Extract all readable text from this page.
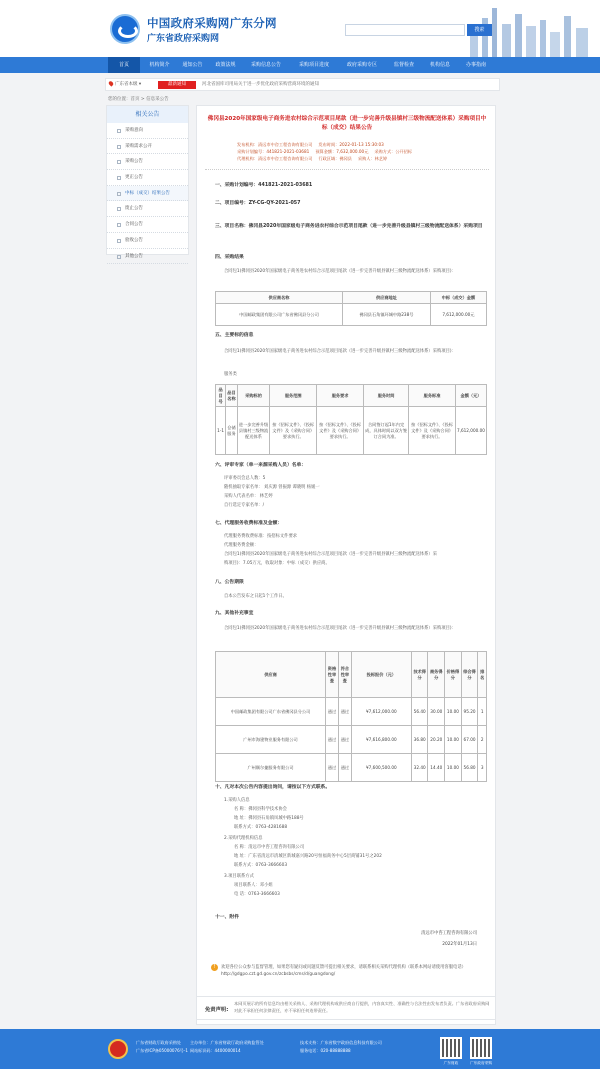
中国政府采购网广东分网
广东省政府采购网
搜索
首页	机构简介	通知公告	政策法规	采购信息公告	采购项目进度	政府采购专区	监督检查	机构信息	办事指南
广东省本级 ▾	最新通知	河北省国库司用局关于进一步优化政府采购营商环境的通知
您的位置：首页 > 信息采公告
相关公告
采购意向
采购需求公开
采购公告
更正公告
中标（成交）结果公告
废止公告
合同公告
验收公告
其他公告
佛冈县2020年国家级电子商务进农村综合示范项目尾款（进一步完善升级县镇村三级物流配送体系）采购项目中标（成交）结果公告
发布机构：清远市中咨工程咨询有限公司 发布时间：2022-01-13 15:30:03
采购计划编号：441821-2021-03681 预算金额：7,632,000.00元 采购方式：公开招标
代理机构：清远市中咨工程咨询有限公司 行政区域：佛冈县 采购人：林艺婷
一、采购计划编号：441821-2021-03681
二、项目编号：ZY-CG-QY-2021-057
三、项目名称：佛冈县2020年国家级电子商务进农村综合示范项目尾款（进一步完善升级县镇村三级物流配送体系）采购项目
四、采购结果
合同包1(佛冈县2020年国家级电子商务进农村综合示范项目尾款（进一步完善升级县镇村三级物流配送体系）采购项目)：
供应商名称	供应商地址	中标（成交）金额
中国邮政集团有限公司广东省佛冈县分公司	佛冈县石角镇环城中路238号	7,612,000.00元
五、主要标的信息
合同包1(佛冈县2020年国家级电子商务进农村综合示范项目尾款（进一步完善升级县镇村三级物流配送体系）采购项目)：
服务类
品目号	品目名称	采购标的	服务范围	服务要求	服务时间	服务标准	金额（元）
1-1	仓储服务	进一步完善升级县镇村三级物流配送体系	按《招标文件》、《投标文件》及《采购合同》要求执行。	按《招标文件》、《投标文件》及《采购合同》要求执行。	合同签订起1年内完成，具体时间以双方签订合同为准。	按《招标文件》、《投标文件》及《采购合同》要求执行。	7,612,000.00
六、评审专家（单一来源采购人员）名单：
评审委员会总人数：5
随机抽取专家名单： 刘庆源 曾振源 谭晓明 杨媛一
采购人代表名单： 林艺婷
自行选定专家名单：/
七、代理服务收费标准及金额：
代理服务费收费标准：按招标文件要求
代理服务费金额：
合同包1(佛冈县2020年国家级电子商务进农村综合示范项目尾款（进一步完善升级县镇村三级物流配送体系）采
购项目)：7.05万元，收取对象：中标（成交）供应商。
八、公告期限
自本公告发布之日起1个工作日。
九、其他补充事宜
合同包1(佛冈县2020年国家级电子商务进农村综合示范项目尾款（进一步完善升级县镇村三级物流配送体系）采购项目)：
供应商	资格性审查	符合性审查	投标报价（元）	技术得分	商务得分	价格得分	综合得分	排名
中国邮政集团有限公司广东省佛冈县分公司	通过	通过	¥7,612,000.00	56.40	30.00	10.00	95.20	1
广州市海建物业服务有限公司	通过	通过	¥7,616,800.00	36.80	20.20	10.00	67.00	2
广州顺尔捷服务有限公司	通过	通过	¥7,600,500.00	32.40	14.40	10.00	56.80	3
十、凡对本次公告内容提出询问，请按以下方式联系。
1.采购人信息
名 称：佛冈县科学技术协会
地 址：佛冈县石角镇凤城中路188号
联系方式：0763-4281688
2.采购代理机构信息
名 称：清远市中咨工程咨询有限公司
地 址：广东省清远市清城区新城嘉兴路20号恒福商务中心5层商铺31号之202
联系方式：0763-3666603
3.项目联系方式
项目联系人：邓小姐
电 话：0763-3666603
十一、附件
清远市中咨工程咨询有限公司
2022年01月13日
!	欢迎各位公众参与监督管理，如果您有疑问或问题反馈可提出相关要求，请联系相关采购代理机构（联系本网站请使用客服电话）http://gdgpo.czt.gd.gov.cn/zcbsbs/cms/d/guangdong/
免责声明:
本网页展示的所有信息均由相关采购人、采购代理机构或供应商自行提供，内容真实性、准确性与合法性由发布者负责。广东省政府采购网对此不承担任何法律责任，亦不承担任何连带责任。
广东省财政厅政府采购处
广东省ICP备05000076号-1
主办单位：广东省财政厅政府采购监管处
网站标识码：4400000014
技术支持：广东省数字政府信息科技有限公司
服务电话：020-88888888
广东财政	广东政府采购
